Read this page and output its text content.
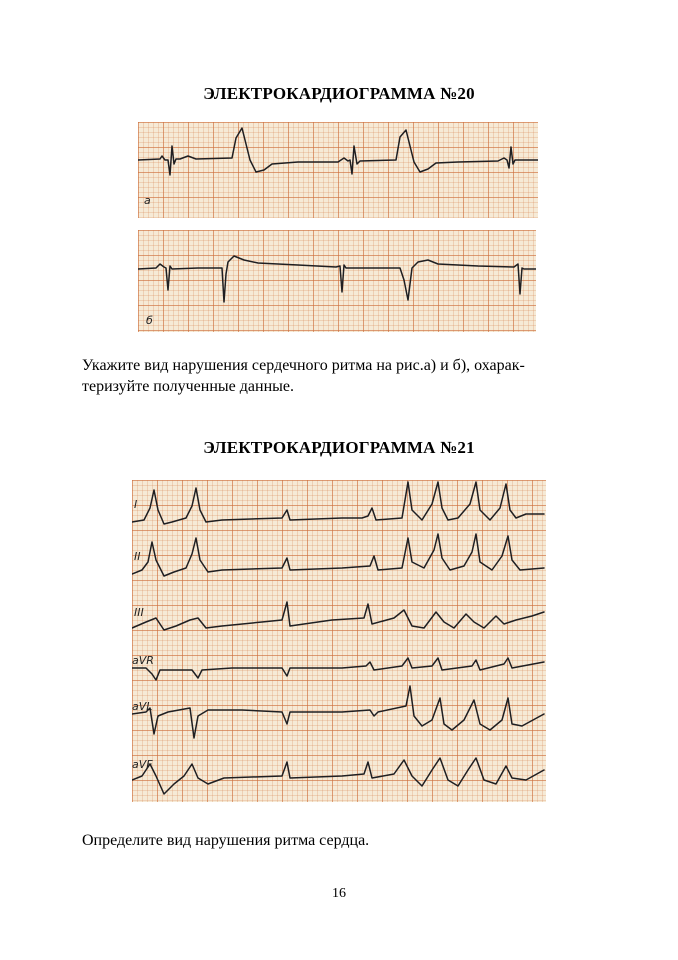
ЭЛЕКТРОКАРДИОГРАММА №20
a
б
Укажите вид нарушения сердечного ритма на рис.а) и б), охарак-
теризуйте полученные данные.
ЭЛЕКТРОКАРДИОГРАММА №21
I
II
III
aVR
aVL
aVF
Определите вид нарушения ритма сердца.
16
